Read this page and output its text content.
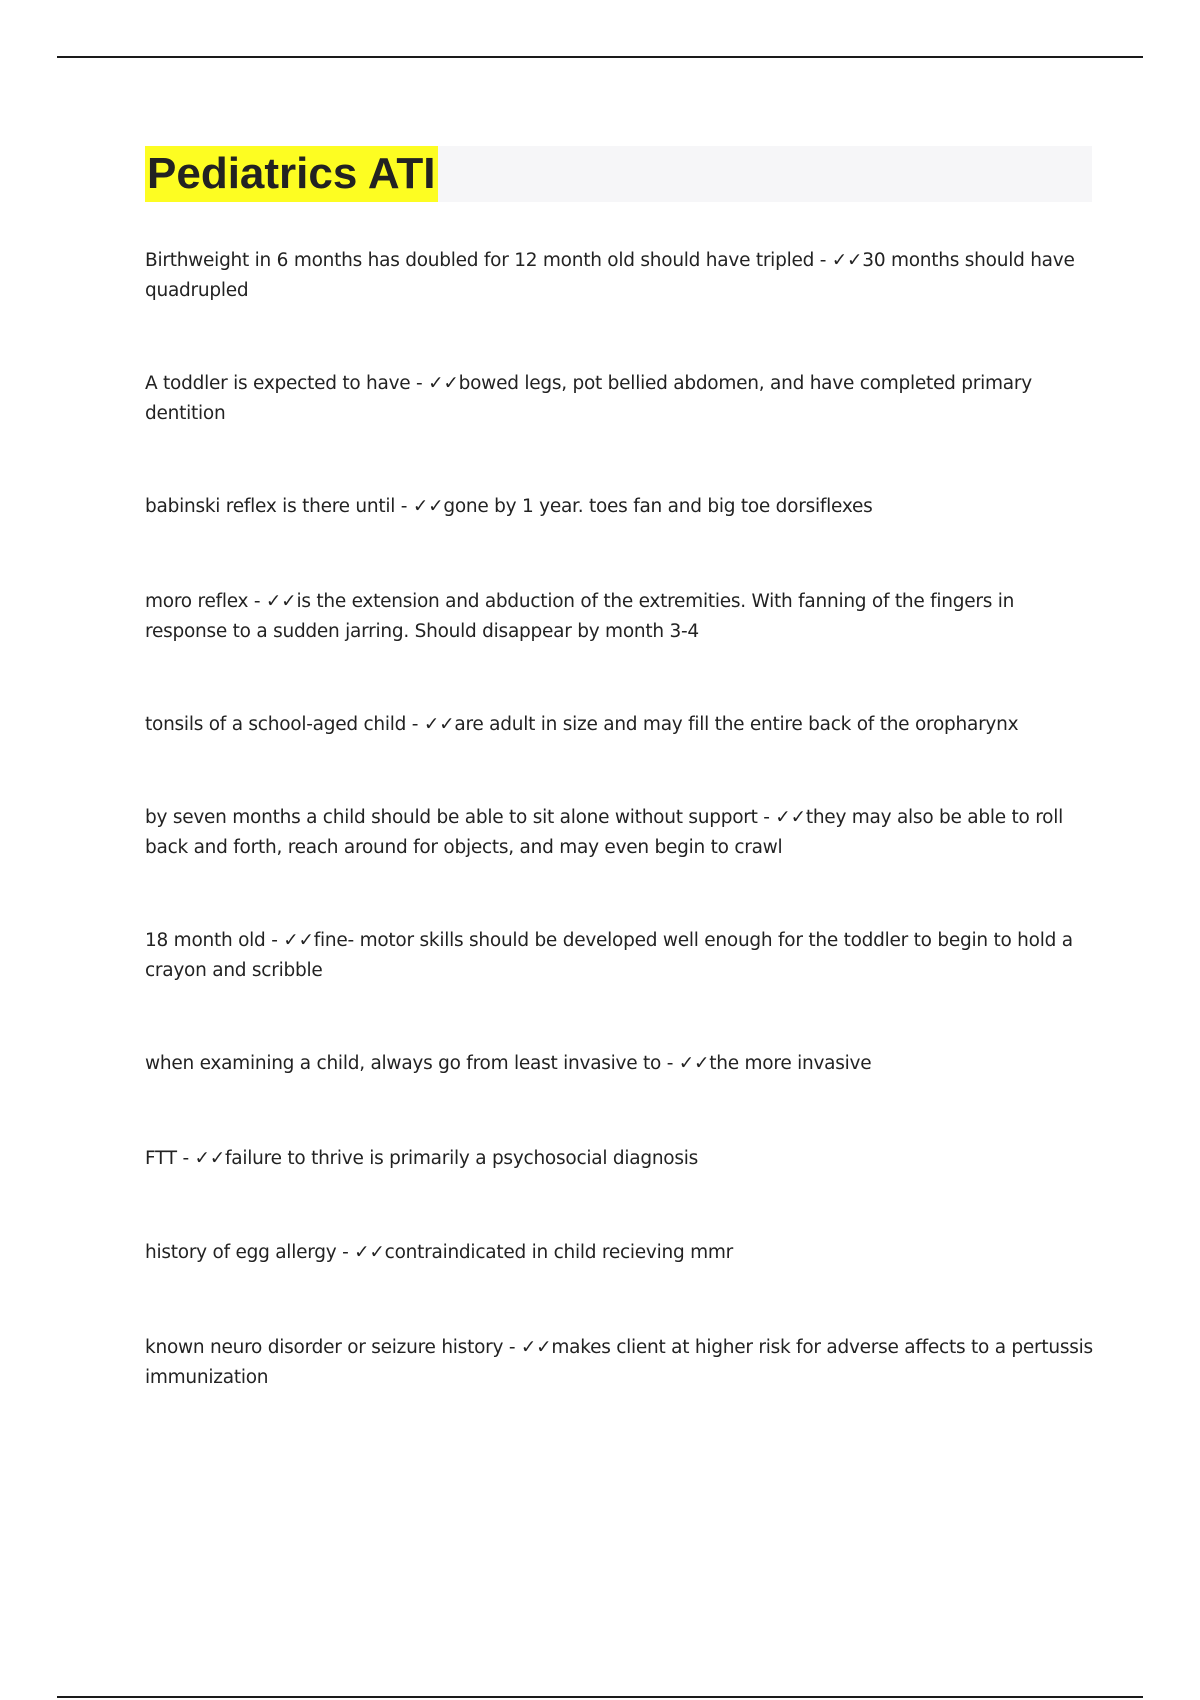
Pediatrics ATI
Birthweight in 6 months has doubled for 12 month old should have tripled - ✓✓30 months should have quadrupled
A toddler is expected to have - ✓✓bowed legs, pot bellied abdomen, and have completed primary dentition
babinski reflex is there until - ✓✓gone by 1 year. toes fan and big toe dorsiflexes
moro reflex - ✓✓is the extension and abduction of the extremities. With fanning of the fingers in response to a sudden jarring. Should disappear by month 3-4
tonsils of a school-aged child - ✓✓are adult in size and may fill the entire back of the oropharynx
by seven months a child should be able to sit alone without support - ✓✓they may also be able to roll back and forth, reach around for objects, and may even begin to crawl
18 month old - ✓✓fine- motor skills should be developed well enough for the toddler to begin to hold a crayon and scribble
when examining a child, always go from least invasive to - ✓✓the more invasive
FTT - ✓✓failure to thrive is primarily a psychosocial diagnosis
history of egg allergy - ✓✓contraindicated in child recieving mmr
known neuro disorder or seizure history - ✓✓makes client at higher risk for adverse affects to a pertussis immunization
